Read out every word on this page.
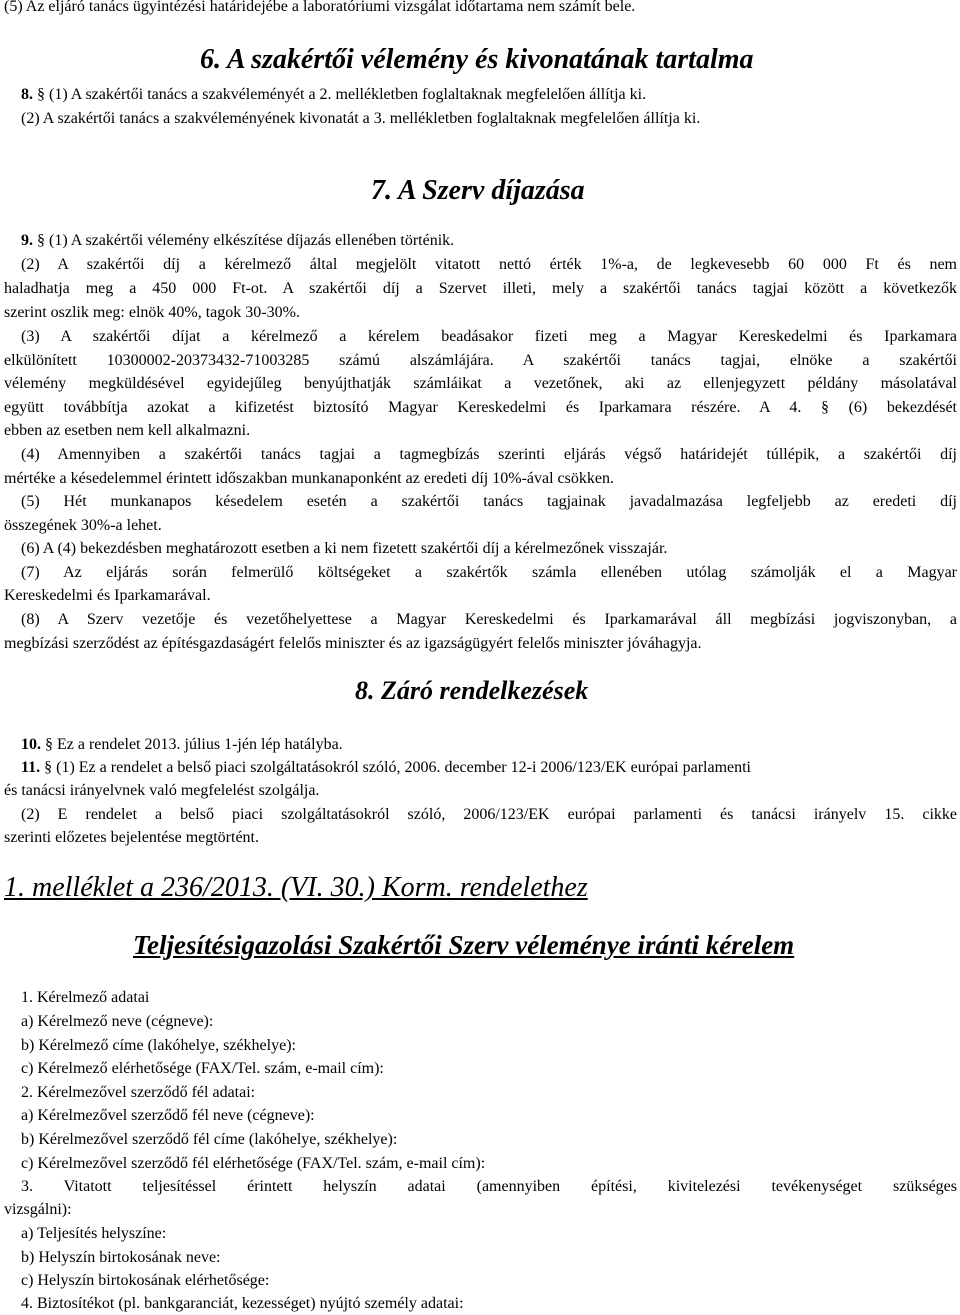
(5) Az eljáró tanács ügyintézési határidejébe a laboratóriumi vizsgálat időtartama nem számít bele.
6. A szakértői vélemény és kivonatának tartalma
8. § (1) A szakértői tanács a szakvéleményét a 2. mellékletben foglaltaknak megfelelően állítja ki.
(2) A szakértői tanács a szakvéleményének kivonatát a 3. mellékletben foglaltaknak megfelelően állítja ki.
7. A Szerv díjazása
9. § (1) A szakértői vélemény elkészítése díjazás ellenében történik.
(2) A szakértői díj a kérelmező által megjelölt vitatott nettó érték 1%-a, de legkevesebb 60 000 Ft és nem
haladhatja meg a 450 000 Ft-ot. A szakértői díj a Szervet illeti, mely a szakértői tanács tagjai között a következők
szerint oszlik meg: elnök 40%, tagok 30-30%.
(3) A szakértői díjat a kérelmező a kérelem beadásakor fizeti meg a Magyar Kereskedelmi és Iparkamara
elkülönített 10300002-20373432-71003285 számú alszámlájára. A szakértői tanács tagjai, elnöke a szakértői
vélemény megküldésével egyidejűleg benyújthatják számláikat a vezetőnek, aki az ellenjegyzett példány másolatával
együtt továbbítja azokat a kifizetést biztosító Magyar Kereskedelmi és Iparkamara részére. A 4. § (6) bekezdését
ebben az esetben nem kell alkalmazni.
(4) Amennyiben a szakértői tanács tagjai a tagmegbízás szerinti eljárás végső határidejét túllépik, a szakértői díj
mértéke a késedelemmel érintett időszakban munkanaponként az eredeti díj 10%-ával csökken.
(5) Hét munkanapos késedelem esetén a szakértői tanács tagjainak javadalmazása legfeljebb az eredeti díj
összegének 30%-a lehet.
(6) A (4) bekezdésben meghatározott esetben a ki nem fizetett szakértői díj a kérelmezőnek visszajár.
(7) Az eljárás során felmerülő költségeket a szakértők számla ellenében utólag számolják el a Magyar
Kereskedelmi és Iparkamarával.
(8) A Szerv vezetője és vezetőhelyettese a Magyar Kereskedelmi és Iparkamarával áll megbízási jogviszonyban, a
megbízási szerződést az építésgazdaságért felelős miniszter és az igazságügyért felelős miniszter jóváhagyja.
8. Záró rendelkezések
10. § Ez a rendelet 2013. július 1-jén lép hatályba.
11. § (1) Ez a rendelet a belső piaci szolgáltatásokról szóló, 2006. december 12-i 2006/123/EK európai parlamenti
és tanácsi irányelvnek való megfelelést szolgálja.
(2) E rendelet a belső piaci szolgáltatásokról szóló, 2006/123/EK európai parlamenti és tanácsi irányelv 15. cikke
szerinti előzetes bejelentése megtörtént.
1. melléklet a 236/2013. (VI. 30.) Korm. rendelethez
Teljesítésigazolási Szakértői Szerv véleménye iránti kérelem
1. Kérelmező adatai
a) Kérelmező neve (cégneve):
b) Kérelmező címe (lakóhelye, székhelye):
c) Kérelmező elérhetősége (FAX/Tel. szám, e-mail cím):
2. Kérelmezővel szerződő fél adatai:
a) Kérelmezővel szerződő fél neve (cégneve):
b) Kérelmezővel szerződő fél címe (lakóhelye, székhelye):
c) Kérelmezővel szerződő fél elérhetősége (FAX/Tel. szám, e-mail cím):
3. Vitatott teljesítéssel érintett helyszín adatai (amennyiben építési, kivitelezési tevékenységet szükséges
vizsgálni):
a) Teljesítés helyszíne:
b) Helyszín birtokosának neve:
c) Helyszín birtokosának elérhetősége:
4. Biztosítékot (pl. bankgaranciát, kezességet) nyújtó személy adatai:
